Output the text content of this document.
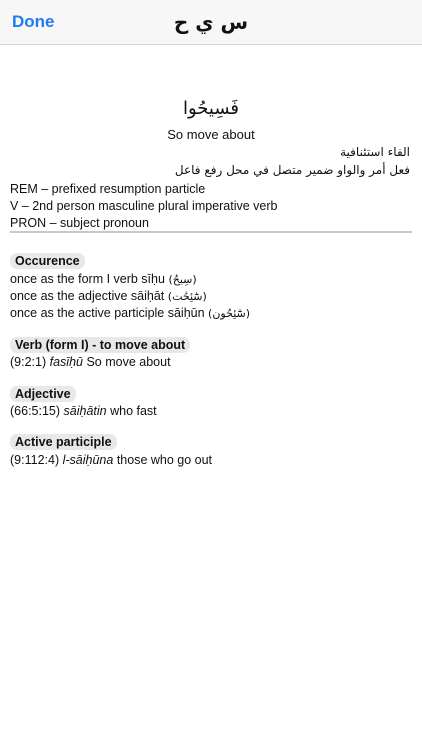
Done	س ي ح
فَسِيحُوا
So move about
الفاء استئنافية
فعل أمر والواو ضمير متصل في محل رفع فاعل
REM – prefixed resumption particle
V – 2nd person masculine plural imperative verb
PRON – subject pronoun
Occurence
once as the form I verb sīḥu (سِيحُ)
once as the adjective sāiḥāt (سَٰٓئِحَٰت)
once as the active participle sāiḥūn (سَٰٓئِحُون)
Verb (form I) - to move about
(9:2:1) fasīḥū So move about
Adjective
(66:5:15) sāiḥātin who fast
Active participle
(9:112:4) l-sāiḥūna those who go out
